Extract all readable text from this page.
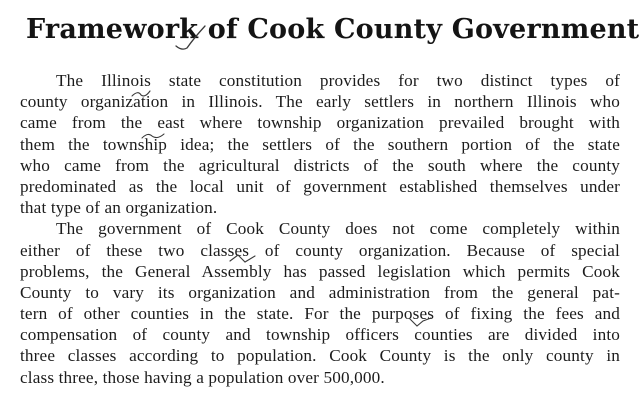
Framework of Cook County Government
The Illinois state constitution provides for two distinct types of
county organization in Illinois. The early settlers in northern Illinois who
came from the east where township organization prevailed brought with
them the township idea; the settlers of the southern portion of the state
who came from the agricultural districts of the south where the county
predominated as the local unit of government established themselves under
that type of an organization.
The government of Cook County does not come completely within
either of these two classes of county organization. Because of special
problems, the General Assembly has passed legislation which permits Cook
County to vary its organization and administration from the general pat-
tern of other counties in the state. For the purposes of fixing the fees and
compensation of county and township officers counties are divided into
three classes according to population. Cook County is the only county in
class three, those having a population over 500,000.
